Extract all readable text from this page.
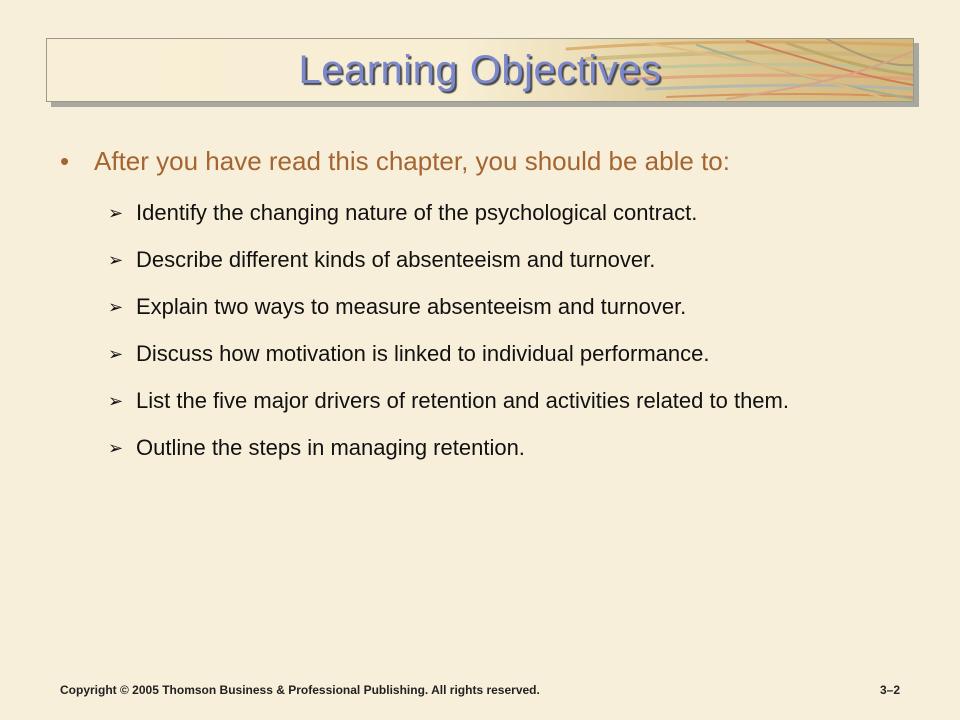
Learning Objectives
• After you have read this chapter, you should be able to:
➢ Identify the changing nature of the psychological contract.
➢ Describe different kinds of absenteeism and turnover.
➢ Explain two ways to measure absenteeism and turnover.
➢ Discuss how motivation is linked to individual performance.
➢ List the five major drivers of retention and activities related to them.
➢ Outline the steps in managing retention.
Copyright © 2005 Thomson Business & Professional Publishing. All rights reserved.	3–2
